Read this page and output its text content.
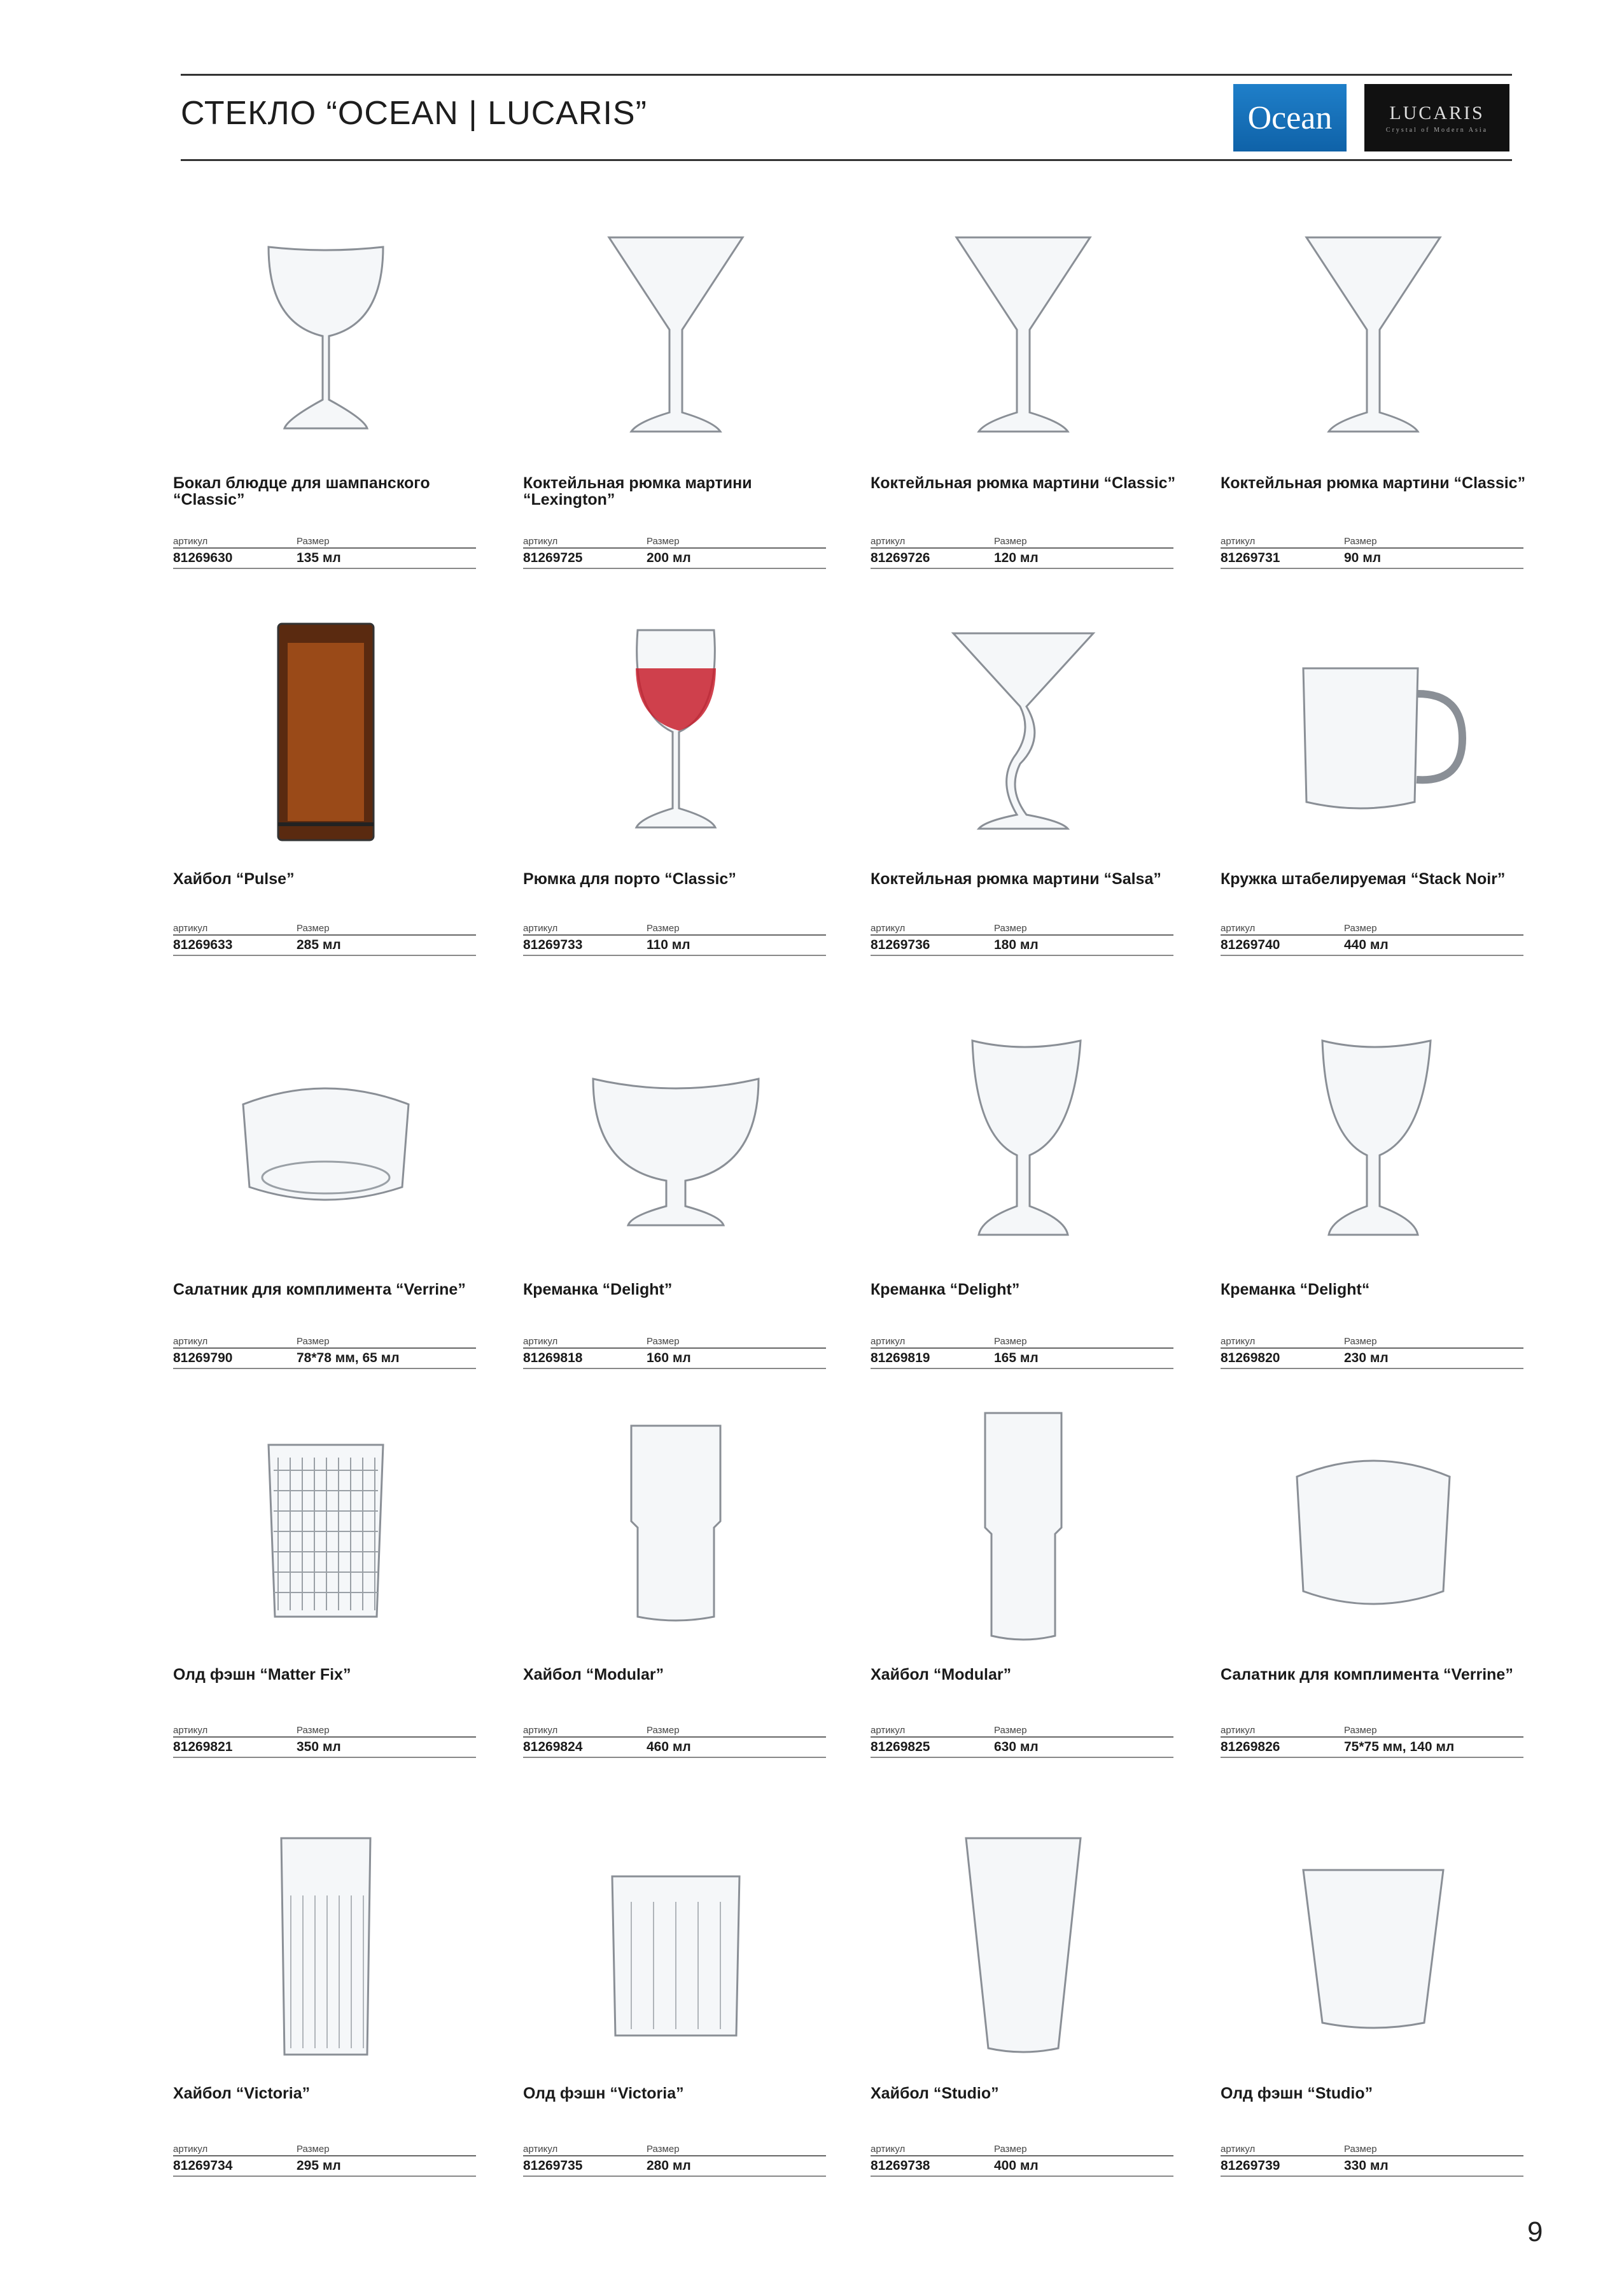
СТЕКЛО “OCEAN | LUCARIS”	Ocean	LUCARIS
Crystal of Modern Asia
Бокал блюдце для шампанского “Classic”
артикул	Размер
81269630	135 мл
Коктейльная рюмка мартини “Lexington”
артикул	Размер
81269725	200 мл
Коктейльная рюмка мартини “Classic”
артикул	Размер
81269726	120 мл
Коктейльная рюмка мартини “Classic”
артикул	Размер
81269731	90 мл
Хайбол “Pulse”
артикул	Размер
81269633	285 мл
Рюмка для порто “Classic”
артикул	Размер
81269733	110 мл
Коктейльная рюмка мартини “Salsa”
артикул	Размер
81269736	180 мл
Кружка штабелируемая “Stack Noir”
артикул	Размер
81269740	440 мл
Салатник для комплимента “Verrine”
артикул	Размер
81269790	78*78 мм, 65 мл
Креманка “Delight”
артикул	Размер
81269818	160 мл
Креманка “Delight”
артикул	Размер
81269819	165 мл
Креманка “Delight“
артикул	Размер
81269820	230 мл
Олд фэшн “Matter Fix”
артикул	Размер
81269821	350 мл
Хайбол “Modular”
артикул	Размер
81269824	460 мл
Хайбол “Modular”
артикул	Размер
81269825	630 мл
Салатник для комплимента “Verrine”
артикул	Размер
81269826	75*75 мм, 140 мл
Хайбол “Victoria”
артикул	Размер
81269734	295 мл
Олд фэшн “Victoria”
артикул	Размер
81269735	280 мл
Хайбол “Studio”
артикул	Размер
81269738	400 мл
Олд фэшн “Studio”
артикул	Размер
81269739	330 мл
9
